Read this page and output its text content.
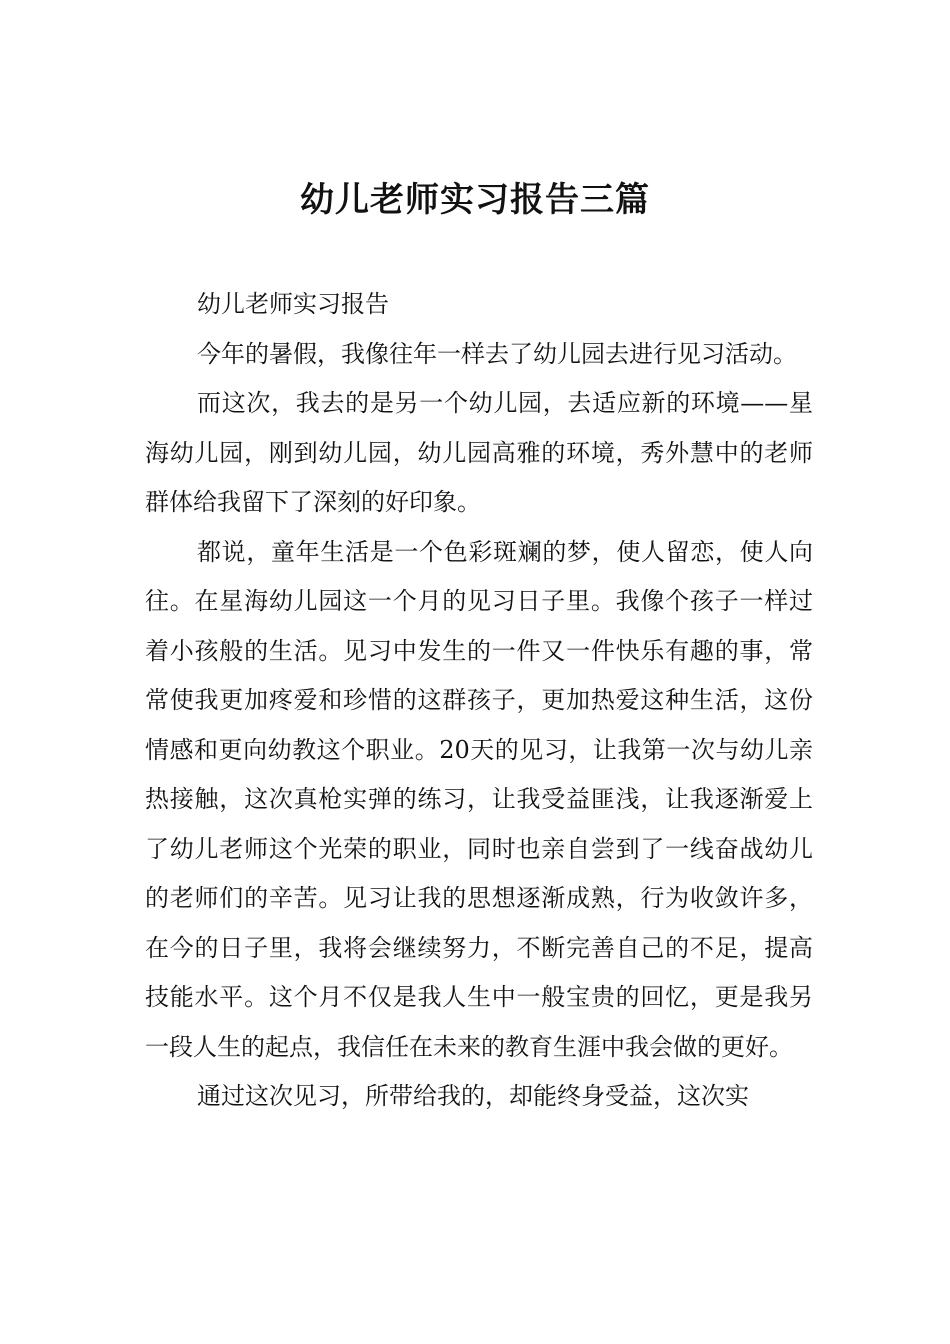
幼儿老师实习报告三篇

幼儿老师实习报告

今年的暑假，我像往年一样去了幼儿园去进行见习活动。

而这次，我去的是另一个幼儿园，去适应新的环境——星海幼儿园，刚到幼儿园，幼儿园高雅的环境，秀外慧中的老师群体给我留下了深刻的好印象。

都说，童年生活是一个色彩斑斓的梦，使人留恋，使人向往。在星海幼儿园这一个月的见习日子里。我像个孩子一样过着小孩般的生活。见习中发生的一件又一件快乐有趣的事，常常使我更加疼爱和珍惜的这群孩子，更加热爱这种生活，这份情感和更向幼教这个职业。20天的见习，让我第一次与幼儿亲热接触，这次真枪实弹的练习，让我受益匪浅，让我逐渐爱上了幼儿老师这个光荣的职业，同时也亲自尝到了一线奋战幼儿的老师们的辛苦。见习让我的思想逐渐成熟，行为收敛许多，在今的日子里，我将会继续努力，不断完善自己的不足，提高技能水平。这个月不仅是我人生中一般宝贵的回忆，更是我另一段人生的起点，我信任在未来的教育生涯中我会做的更好。

通过这次见习，所带给我的，却能终身受益，这次实
